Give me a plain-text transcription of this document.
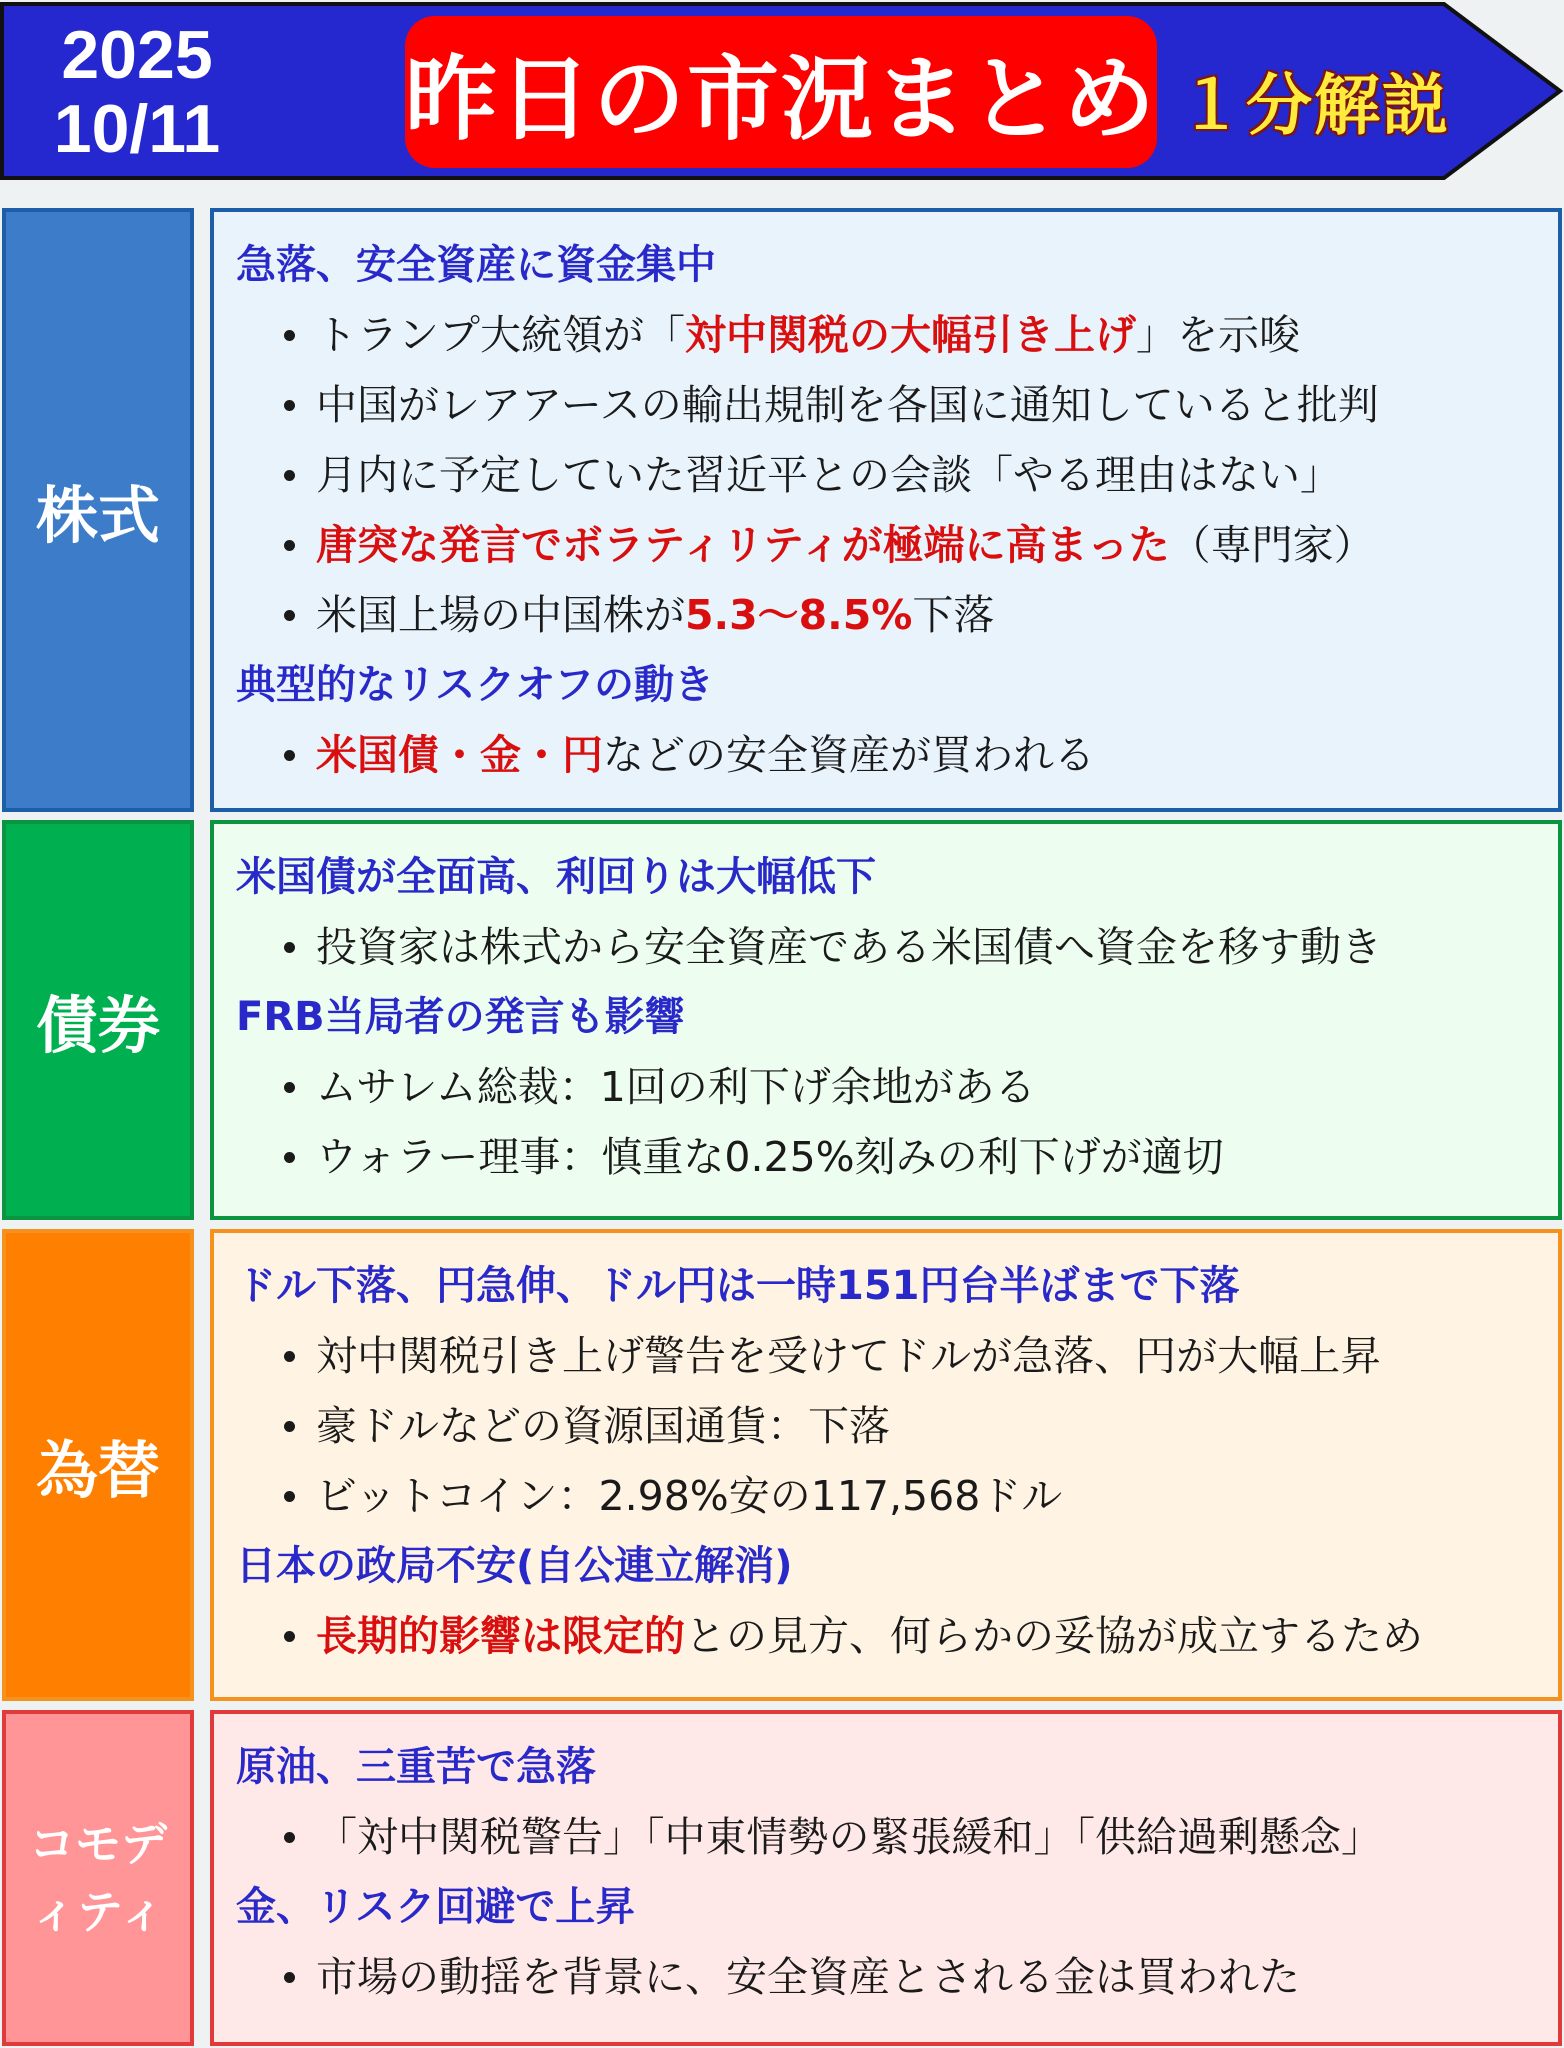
2025
10/11	昨日の市況まとめ １分解説
株式
急落、安全資産に資金集中
トランプ大統領が「対中関税の大幅引き上げ」を示唆
中国がレアアースの輸出規制を各国に通知していると批判
月内に予定していた習近平との会談「やる理由はない」
唐突な発言でボラティリティが極端に高まった（専門家）
米国上場の中国株が5.3〜8.5%下落
典型的なリスクオフの動き
米国債・金・円などの安全資産が買われる
債券
米国債が全面高、利回りは大幅低下
投資家は株式から安全資産である米国債へ資金を移す動き
FRB当局者の発言も影響
ムサレム総裁：1回の利下げ余地がある
ウォラー理事：慎重な0.25%刻みの利下げが適切
為替
ドル下落、円急伸、ドル円は一時151円台半ばまで下落
対中関税引き上げ警告を受けてドルが急落、円が大幅上昇
豪ドルなどの資源国通貨：下落
ビットコイン：2.98%安の117,568ドル
日本の政局不安(自公連立解消)
長期的影響は限定的との見方、何らかの妥協が成立するため
コモデ
ィティ
原油、三重苦で急落
「対中関税警告」「中東情勢の緊張緩和」「供給過剰懸念」
金、リスク回避で上昇
市場の動揺を背景に、安全資産とされる金は買われた
